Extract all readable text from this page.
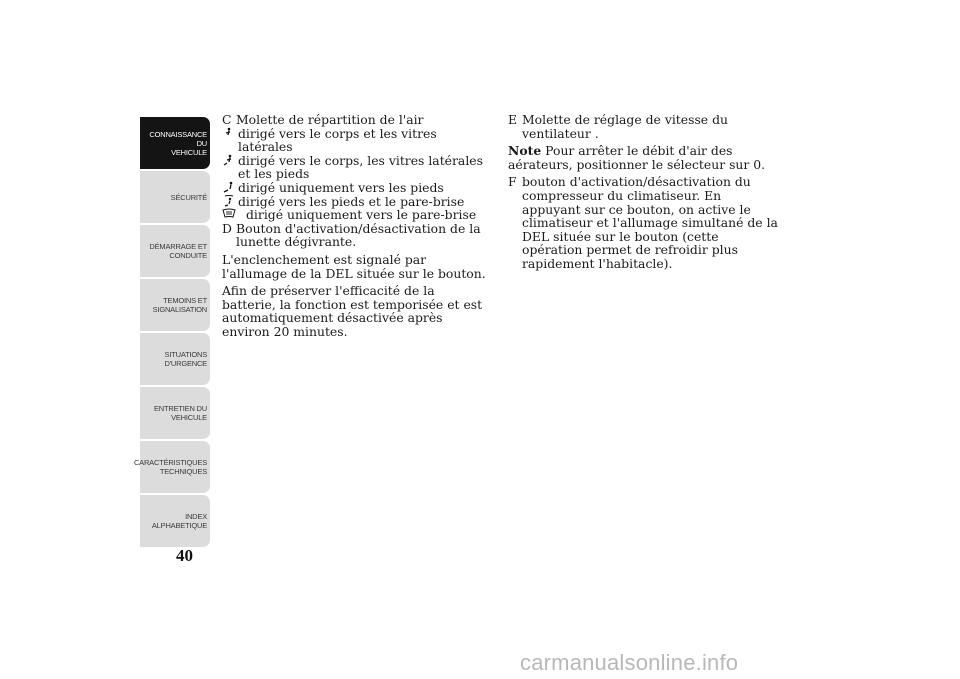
CONNAISSANCE DU
VEHICULE
SÉCURITÉ
DÉMARRAGE ET
CONDUITE
TEMOINS ET
SIGNALISATION
SITUATIONS
D'URGENCE
ENTRETIEN DU
VEHICULE
CARACTÉRISTIQUES
TECHNIQUES
INDEX
ALPHABETIQUE
40
C Molette de répartition de l'air
dirigé vers le corps et les vitres latérales
dirigé vers le corps, les vitres latérales et les pieds
dirigé uniquement vers les pieds
dirigé vers les pieds et le pare-brise
dirigé uniquement vers le pare-brise
D Bouton d'activation/désactivation de la lunette dégivrante.
L'enclenchement est signalé par l'allumage de la DEL située sur le bouton.
Afin de préserver l'efficacité de la batterie, la fonction est temporisée et est automatiquement désactivée après environ 20 minutes.
E Molette de réglage de vitesse du ventilateur .
Note Pour arrêter le débit d'air des aérateurs, positionner le sélecteur sur 0.
F bouton d'activation/désactivation du compresseur du climatiseur. En appuyant sur ce bouton, on active le climatiseur et l'allumage simultané de la DEL située sur le bouton (cette opération permet de refroidir plus rapidement l'habitacle).
carmanualsonline.info
